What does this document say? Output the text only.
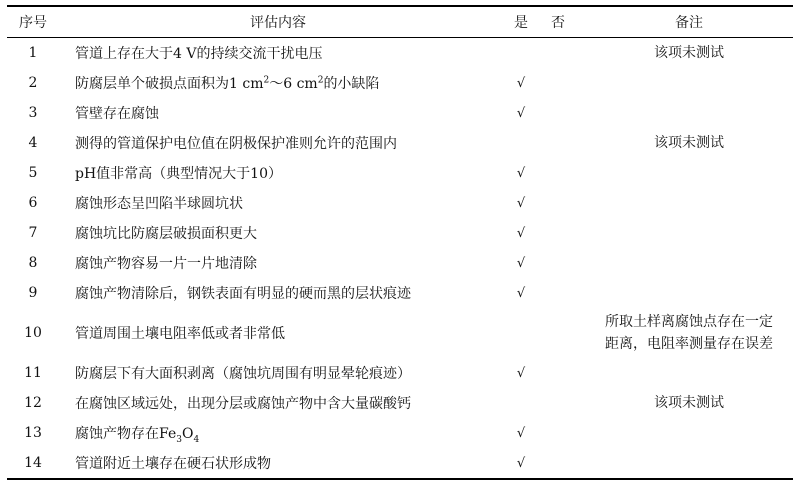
序号	评估内容	是	否	备注
1	管道上存在大于4 V的持续交流干扰电压			该项未测试
2	防腐层单个破损点面积为1 $cm^2\sim 6$ $cm^2$的小缺陷	√		
3	管壁存在腐蚀	√		
4	测得的管道保护电位值在阴极保护准则允许的范围内			该项未测试
5	pH值非常高（典型情况大于10）	√		
6	腐蚀形态呈凹陷半球圆坑状	√		
7	腐蚀坑比防腐层破损面积更大	√		
8	腐蚀产物容易一片一片地清除	√		
9	腐蚀产物清除后，钢铁表面有明显的硬而黑的层状痕迹	√		
10	管道周围土壤电阻率低或者非常低			所取土样离腐蚀点存在一定
距离，电阻率测量存在误差

11	防腐层下有大面积剥离（腐蚀坑周围有明显晕轮痕迹）	√		
12	在腐蚀区域远处，出现分层或腐蚀产物中含大量碳酸钙			该项未测试
13	腐蚀产物存在$Fe_3O_4$	√		
14	管道附近土壤存在硬石状形成物	√		
